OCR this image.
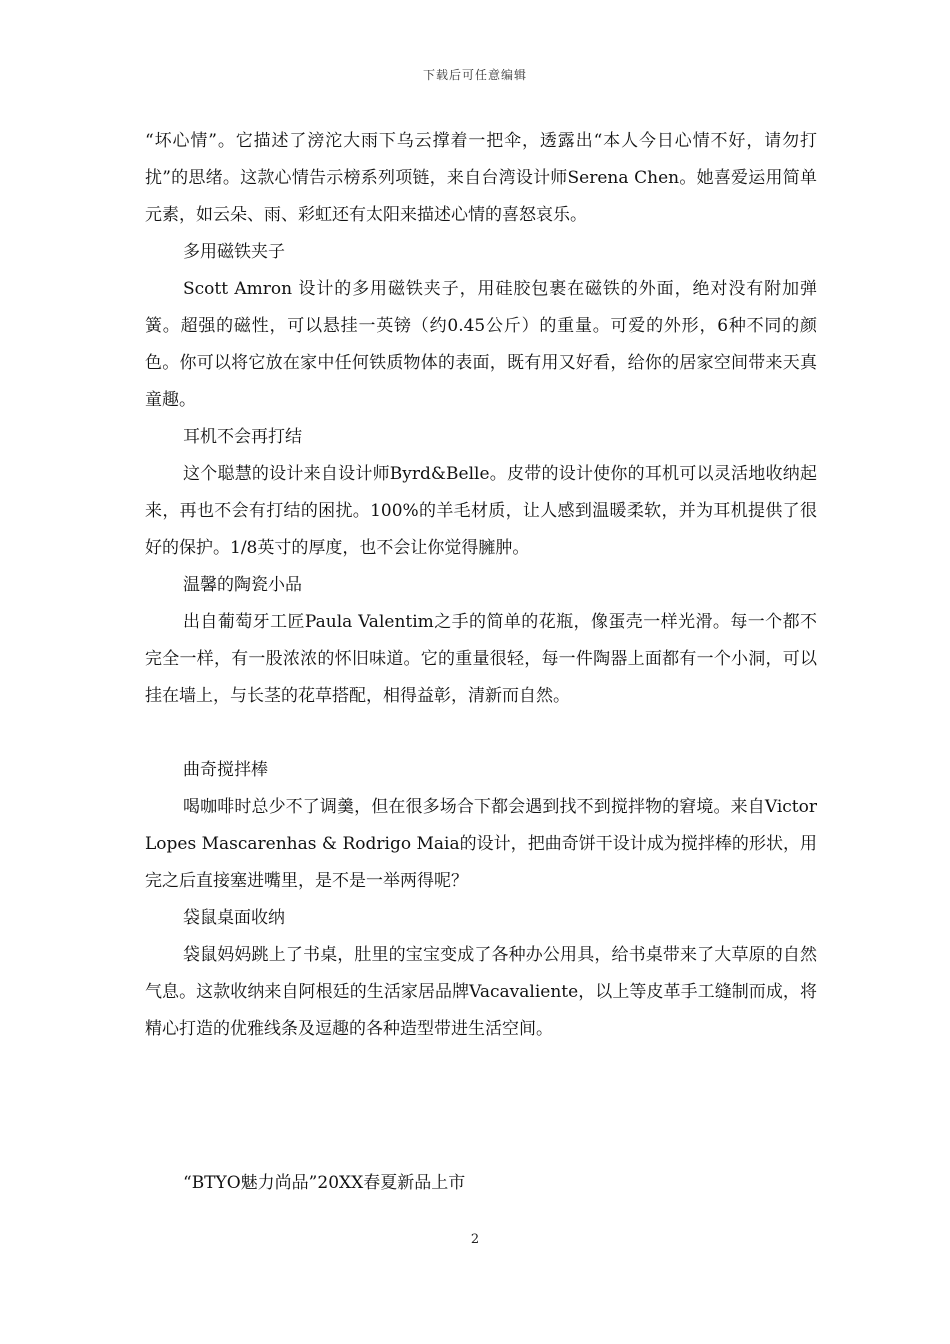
下载后可任意编辑

“坏心情”。它描述了滂沱大雨下乌云撑着一把伞，透露出“本人今日心情不好，请勿打扰”的思绪。这款心情告示榜系列项链，来自台湾设计师Serena Chen。她喜爱运用简单元素，如云朵、雨、彩虹还有太阳来描述心情的喜怒哀乐。

多用磁铁夹子

Scott Amron 设计的多用磁铁夹子，用硅胶包裹在磁铁的外面，绝对没有附加弹簧。超强的磁性，可以悬挂一英镑（约0.45公斤）的重量。可爱的外形，6种不同的颜色。你可以将它放在家中任何铁质物体的表面，既有用又好看，给你的居家空间带来天真童趣。

耳机不会再打结

这个聪慧的设计来自设计师Byrd&Belle。皮带的设计使你的耳机可以灵活地收纳起来，再也不会有打结的困扰。100%的羊毛材质，让人感到温暖柔软，并为耳机提供了很好的保护。1/8英寸的厚度，也不会让你觉得臃肿。

温馨的陶瓷小品

出自葡萄牙工匠Paula Valentim之手的简单的花瓶，像蛋壳一样光滑。每一个都不完全一样，有一股浓浓的怀旧味道。它的重量很轻，每一件陶器上面都有一个小洞，可以挂在墙上，与长茎的花草搭配，相得益彰，清新而自然。

曲奇搅拌棒

喝咖啡时总少不了调羹，但在很多场合下都会遇到找不到搅拌物的窘境。来自Victor Lopes Mascarenhas & Rodrigo Maia的设计，把曲奇饼干设计成为搅拌棒的形状，用完之后直接塞进嘴里，是不是一举两得呢？

袋鼠桌面收纳

袋鼠妈妈跳上了书桌，肚里的宝宝变成了各种办公用具，给书桌带来了大草原的自然气息。这款收纳来自阿根廷的生活家居品牌Vacavaliente，以上等皮革手工缝制而成，将精心打造的优雅线条及逗趣的各种造型带进生活空间。

“BTYO魅力尚品”20XX春夏新品上市
2
